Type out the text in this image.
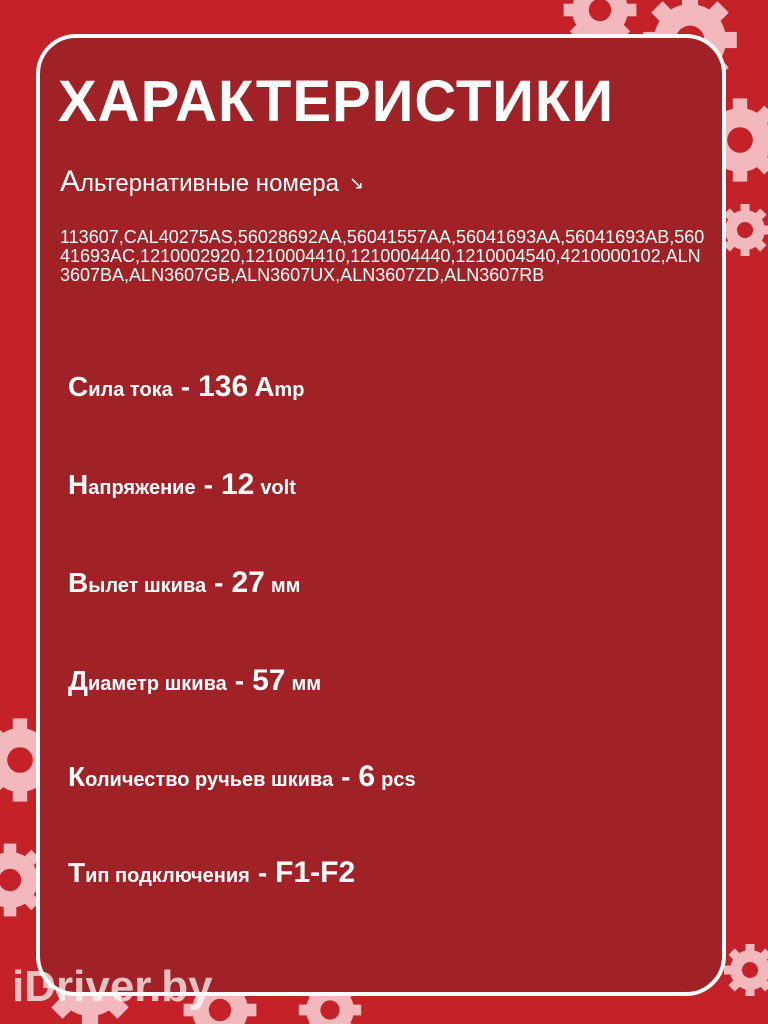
ХАРАКТЕРИСТИКИ
Альтернативные номера ↘
113607,CAL40275AS,56028692AA,56041557AA,56041693AA,56041693AB,56041693AC,1210002920,1210004410,1210004440,1210004540,4210000102,ALN3607BA,ALN3607GB,ALN3607UX,ALN3607ZD,ALN3607RB
С ила тока - 136 Amp
Н апряжение - 12 volt
В ылет шкива - 27 мм
Д иаметр шкива - 57 мм
К оличество ручьев шкива - 6 pcs
Т ип подключения - F1-F2
iDriver.by
